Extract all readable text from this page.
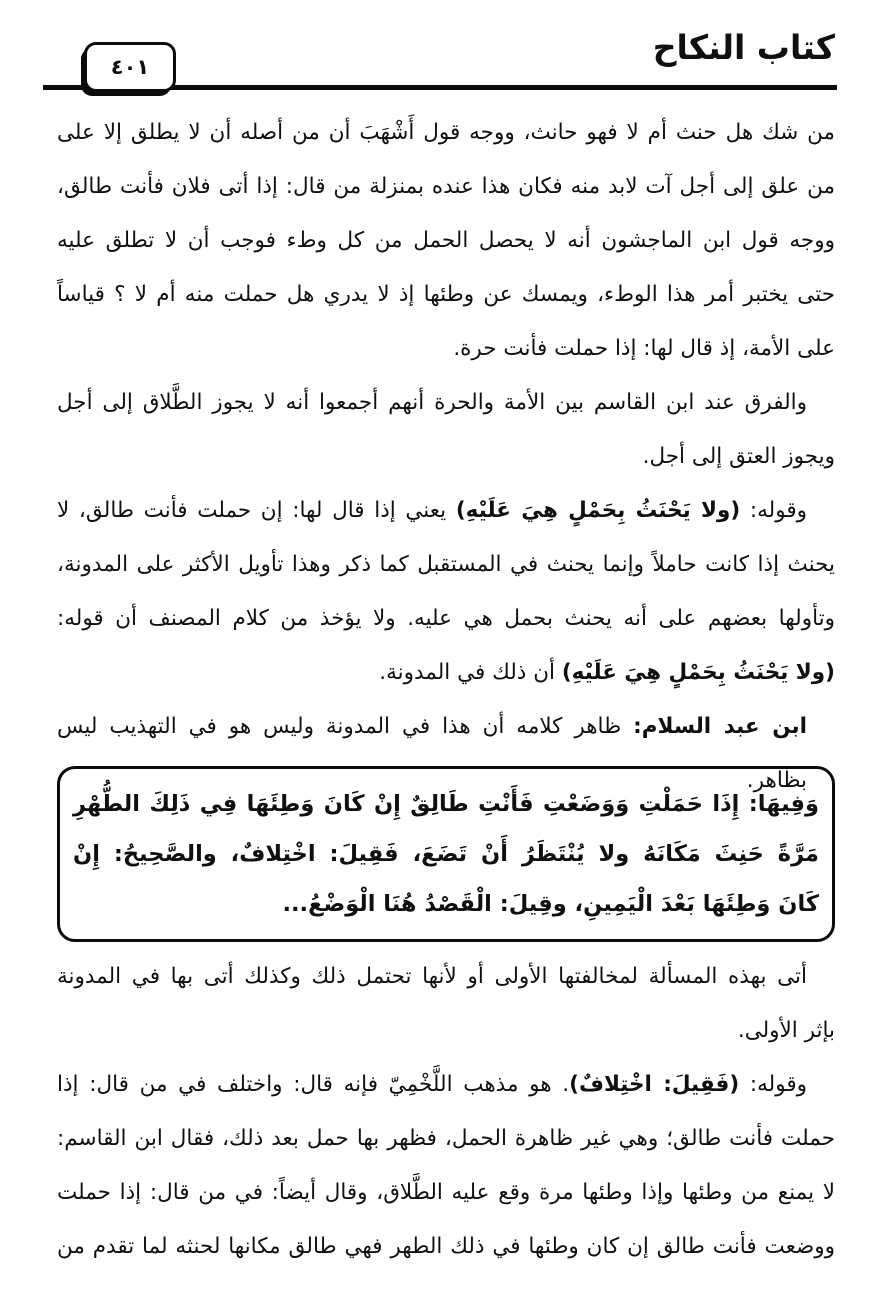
كتاب النكاح
٤٠١
من شك هل حنث أم لا فهو حانث، ووجه قول أَشْهَبَ أن من أصله أن لا يطلق إلا على
من علق إلى أجل آت لابد منه فكان هذا عنده بمنزلة من قال: إذا أتى فلان فأنت طالق،
ووجه قول ابن الماجشون أنه لا يحصل الحمل من كل وطء فوجب أن لا تطلق عليه
حتى يختبر أمر هذا الوطء، ويمسك عن وطئها إذ لا يدري هل حملت منه أم لا ؟ قياساً
على الأمة، إذ قال لها: إذا حملت فأنت حرة.
والفرق عند ابن القاسم بين الأمة والحرة أنهم أجمعوا أنه لا يجوز الطَّلاق إلى أجل
ويجوز العتق إلى أجل.
وقوله: (ولا يَحْنَثُ بِحَمْلٍ هِيَ عَلَيْهِ) يعني إذا قال لها: إن حملت فأنت طالق، لا
يحنث إذا كانت حاملاً وإنما يحنث في المستقبل كما ذكر وهذا تأويل الأكثر على المدونة،
وتأولها بعضهم على أنه يحنث بحمل هي عليه. ولا يؤخذ من كلام المصنف أن قوله:
(ولا يَحْنَثُ بِحَمْلٍ هِيَ عَلَيْهِ) أن ذلك في المدونة.
ابن عبد السلام: ظاهر كلامه أن هذا في المدونة وليس هو في التهذيب ليس بظاهر.
وَفِيهَا: إِذَا حَمَلْتِ وَوَضَعْتِ فَأَنْتِ طَالِقٌ إِنْ كَانَ وَطِئَهَا فِي ذَلِكَ الطُّهْرِ
مَرَّةً حَنِثَ مَكَانَهُ ولا يُنْتَظَرُ أَنْ تَضَعَ، فَقِيلَ: اخْتِلافٌ، والصَّحِيحُ: إِنْ
كَانَ وَطِئَهَا بَعْدَ الْيَمِينِ، وقِيلَ: الْقَصْدُ هُنَا الْوَضْعُ...
أتى بهذه المسألة لمخالفتها الأولى أو لأنها تحتمل ذلك وكذلك أتى بها في المدونة
بإثر الأولى.
وقوله: (فَقِيلَ: اخْتِلافٌ). هو مذهب اللَّخْمِيّ فإنه قال: واختلف في من قال: إذا
حملت فأنت طالق؛ وهي غير ظاهرة الحمل، فظهر بها حمل بعد ذلك، فقال ابن القاسم:
لا يمنع من وطئها وإذا وطئها مرة وقع عليه الطَّلاق، وقال أيضاً: في من قال: إذا حملت
ووضعت فأنت طالق إن كان وطئها في ذلك الطهر فهي طالق مكانها لحنثه لما تقدم من
